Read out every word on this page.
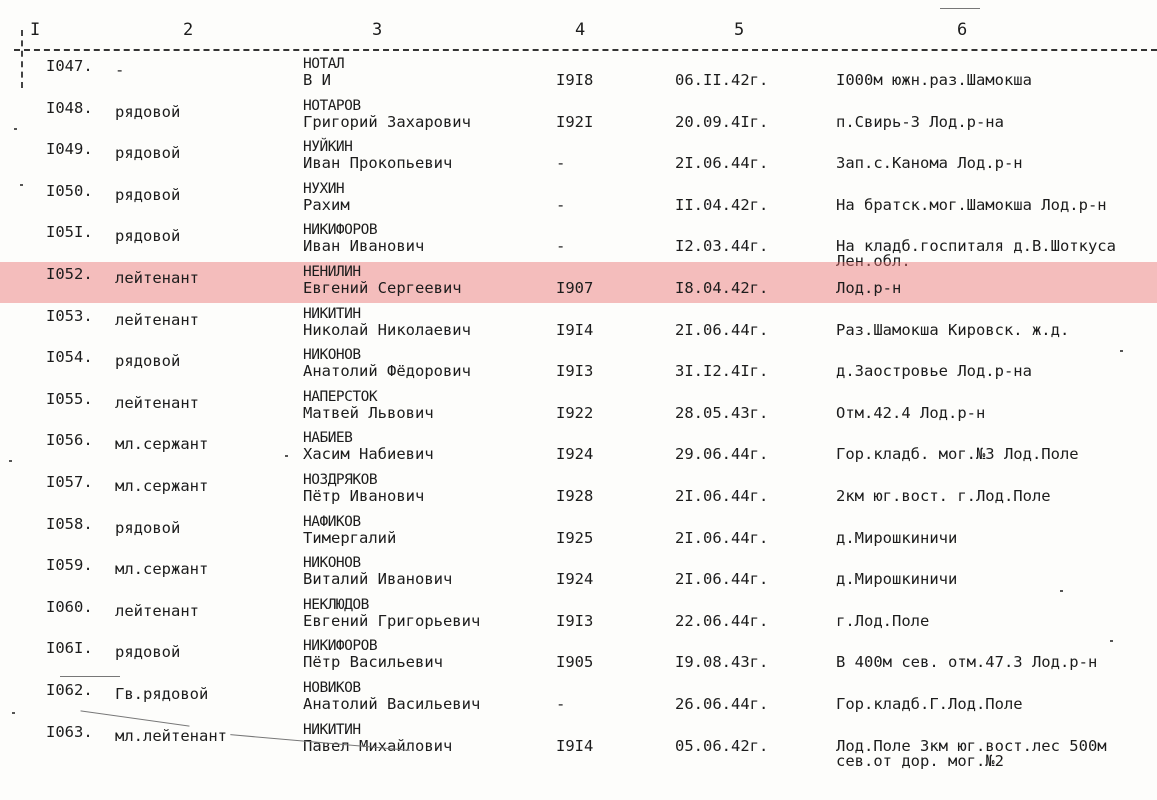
I	2	3	4	5	6
I047. -	НОТАЛ
В И	I9I8	06.II.42г.	I000м южн.раз.Шамокша
I048. рядовой	НОТАРОВ
Григорий Захарович	I92I	20.09.4Iг.	п.Свирь-3 Лод.р-на
I049. рядовой	НУЙКИН
Иван Прокопьевич	-	2I.06.44г.	Зап.с.Канома Лод.р-н
I050. рядовой	НУХИН
Рахим	-	II.04.42г.	На братск.мог.Шамокша Лод.р-н
I05I. рядовой	НИКИФОРОВ
Иван Иванович	-	I2.03.44г.	На кладб.госпиталя д.В.Шоткуса
Лен.обл.
I052. лейтенант	НЕНИЛИН
Евгений Сергеевич	I907	I8.04.42г.	Лод.р-н
I053. лейтенант	НИКИТИН
Николай Николаевич	I9I4	2I.06.44г.	Раз.Шамокша Кировск. ж.д.
I054. рядовой	НИКОНОВ
Анатолий Фёдорович	I9I3	3I.I2.4Iг.	д.Заостровье Лод.р-на
I055. лейтенант	НАПЕРСТОК
Матвей Львович	I922	28.05.43г.	Отм.42.4 Лод.р-н
I056. мл.сержант	НАБИЕВ
Хасим Набиевич	I924	29.06.44г.	Гор.кладб. мог.№3 Лод.Поле
I057. мл.сержант	НОЗДРЯКОВ
Пётр Иванович	I928	2I.06.44г.	2км юг.вост. г.Лод.Поле
I058. рядовой	НАФИКОВ
Тимергалий	I925	2I.06.44г.	д.Мирошкиничи
I059. мл.сержант	НИКОНОВ
Виталий Иванович	I924	2I.06.44г.	д.Мирошкиничи
I060. лейтенант	НЕКЛЮДОВ
Евгений Григорьевич	I9I3	22.06.44г.	г.Лод.Поле
I06I. рядовой	НИКИФОРОВ
Пётр Васильевич	I905	I9.08.43г.	В 400м сев. отм.47.3 Лод.р-н
I062. Гв.рядовой	НОВИКОВ
Анатолий Васильевич	-	26.06.44г.	Гор.кладб.Г.Лод.Поле
I063. мл.лейтенант	НИКИТИН
Павел Михайлович	I9I4	05.06.42г.	Лод.Поле 3км юг.вост.лес 500м
сев.от дор. мог.№2
